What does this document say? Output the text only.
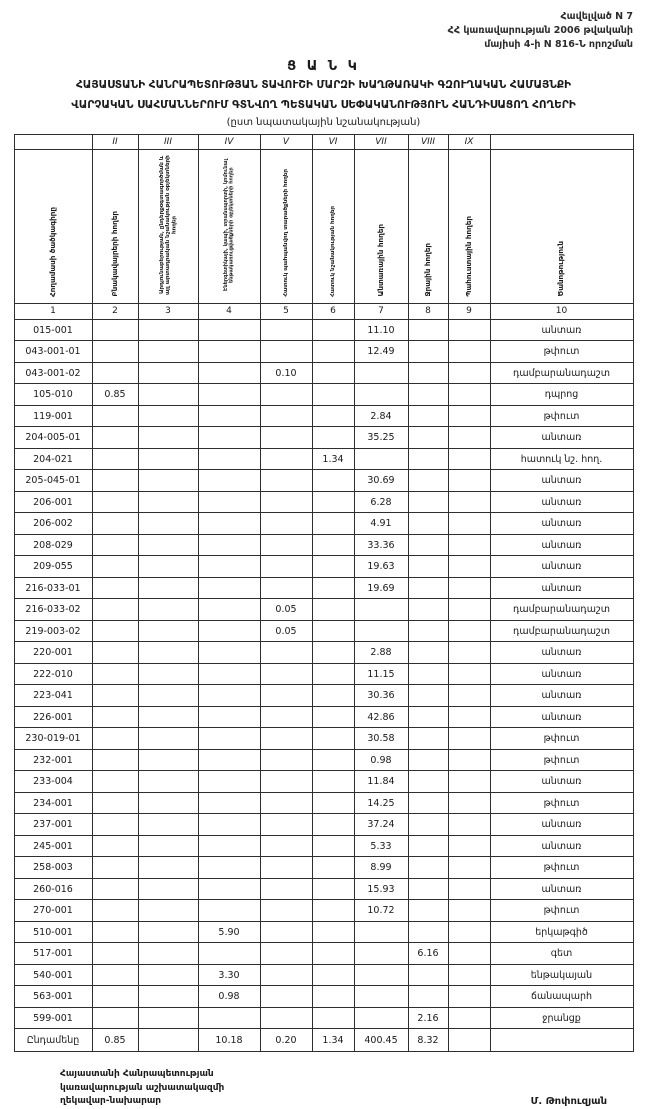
Հավելված N 7
ՀՀ կառավարության 2006 թվականի
մայիսի 4-ի N 816-Ն որոշման
Ց Ա Ն Կ
ՀԱՅԱՍՏԱՆԻ ՀԱՆՐԱՊԵՏՈՒԹՅԱՆ ՏԱՎՈՒՇԻ ՄԱՐԶԻ ԽԱՂԹԱՌԱԿԻ ԳԶՈՒՂԱԿԱՆ ՀԱՄԱՅՆՔԻ
ՎԱՐՉԱԿԱՆ ՍԱՀՄԱՆՆԵՐՈՒՄ ԳՏՆՎՈՂ ՊԵՏԱԿԱՆ ՍԵՓԱԿԱՆՈՒԹՅՈՒՆ ՀԱՆԴԻՍԱՑՈՂ ՀՈՂԵՐԻ
(ըստ նպատակային նշանակության)
	II	III	IV	V	VI	VII	VIII	IX	
Հողամասի ծածկագիրը	Բնակավայրերի հողեր	Արդյունաբերության, ընդերքօգտագործման և այլ արտադրական նշանակության օբյեկտների հողեր	Էներգետիկայի, կապի, տրանսպորտի, կոմունալ ենթակառուցվածքների օբյեկտների հողեր	Հատուկ պահպանվող տարածքների հողեր	Հատուկ նշանակության հողեր	Անտառային հողեր	Ջրային հողեր	Պահուստային հողեր	Ծանոթություն
1	2	3	4	5	6	7	8	9	10
015-001						11.10			անտառ
043-001-01						12.49			թփուտ
043-001-02				0.10					դամբարանադաշտ
105-010	0.85								դպրոց
119-001						2.84			թփուտ
204-005-01						35.25			անտառ
204-021					1.34				հատուկ նշ. հող.
205-045-01						30.69			անտառ
206-001						6.28			անտառ
206-002						4.91			անտառ
208-029						33.36			անտառ
209-055						19.63			անտառ
216-033-01						19.69			անտառ
216-033-02				0.05					դամբարանադաշտ
219-003-02				0.05					դամբարանադաշտ
220-001						2.88			անտառ
222-010						11.15			անտառ
223-041						30.36			անտառ
226-001						42.86			անտառ
230-019-01						30.58			թփուտ
232-001						0.98			թփուտ
233-004						11.84			անտառ
234-001						14.25			թփուտ
237-001						37.24			անտառ
245-001						5.33			անտառ
258-003						8.99			թփուտ
260-016						15.93			անտառ
270-001						10.72			թփուտ
510-001			5.90						երկաթգիծ
517-001							6.16		գետ
540-001			3.30						ենթակայան
563-001			0.98						ճանապարհ
599-001							2.16		ջրանցք
Ընդամենը	0.85		10.18	0.20	1.34	400.45	8.32		
Հայաստանի Հանրապետության
կառավարության աշխատակազմի
ղեկավար-նախարար	Մ. Թոփուզյան
